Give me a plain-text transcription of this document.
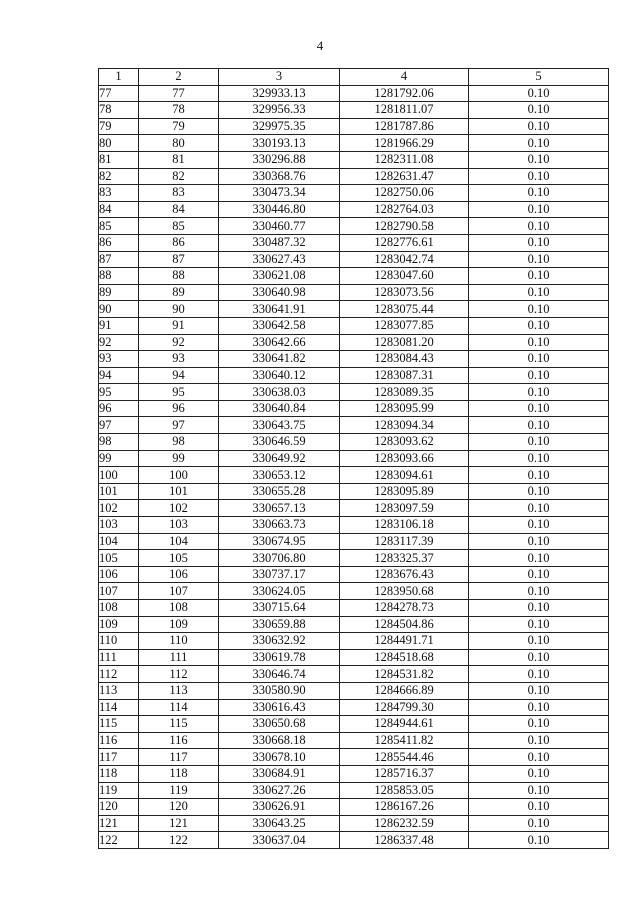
4
1	2	3	4	5
77	77	329933.13	1281792.06	0.10
78	78	329956.33	1281811.07	0.10
79	79	329975.35	1281787.86	0.10
80	80	330193.13	1281966.29	0.10
81	81	330296.88	1282311.08	0.10
82	82	330368.76	1282631.47	0.10
83	83	330473.34	1282750.06	0.10
84	84	330446.80	1282764.03	0.10
85	85	330460.77	1282790.58	0.10
86	86	330487.32	1282776.61	0.10
87	87	330627.43	1283042.74	0.10
88	88	330621.08	1283047.60	0.10
89	89	330640.98	1283073.56	0.10
90	90	330641.91	1283075.44	0.10
91	91	330642.58	1283077.85	0.10
92	92	330642.66	1283081.20	0.10
93	93	330641.82	1283084.43	0.10
94	94	330640.12	1283087.31	0.10
95	95	330638.03	1283089.35	0.10
96	96	330640.84	1283095.99	0.10
97	97	330643.75	1283094.34	0.10
98	98	330646.59	1283093.62	0.10
99	99	330649.92	1283093.66	0.10
100	100	330653.12	1283094.61	0.10
101	101	330655.28	1283095.89	0.10
102	102	330657.13	1283097.59	0.10
103	103	330663.73	1283106.18	0.10
104	104	330674.95	1283117.39	0.10
105	105	330706.80	1283325.37	0.10
106	106	330737.17	1283676.43	0.10
107	107	330624.05	1283950.68	0.10
108	108	330715.64	1284278.73	0.10
109	109	330659.88	1284504.86	0.10
110	110	330632.92	1284491.71	0.10
111	111	330619.78	1284518.68	0.10
112	112	330646.74	1284531.82	0.10
113	113	330580.90	1284666.89	0.10
114	114	330616.43	1284799.30	0.10
115	115	330650.68	1284944.61	0.10
116	116	330668.18	1285411.82	0.10
117	117	330678.10	1285544.46	0.10
118	118	330684.91	1285716.37	0.10
119	119	330627.26	1285853.05	0.10
120	120	330626.91	1286167.26	0.10
121	121	330643.25	1286232.59	0.10
122	122	330637.04	1286337.48	0.10
